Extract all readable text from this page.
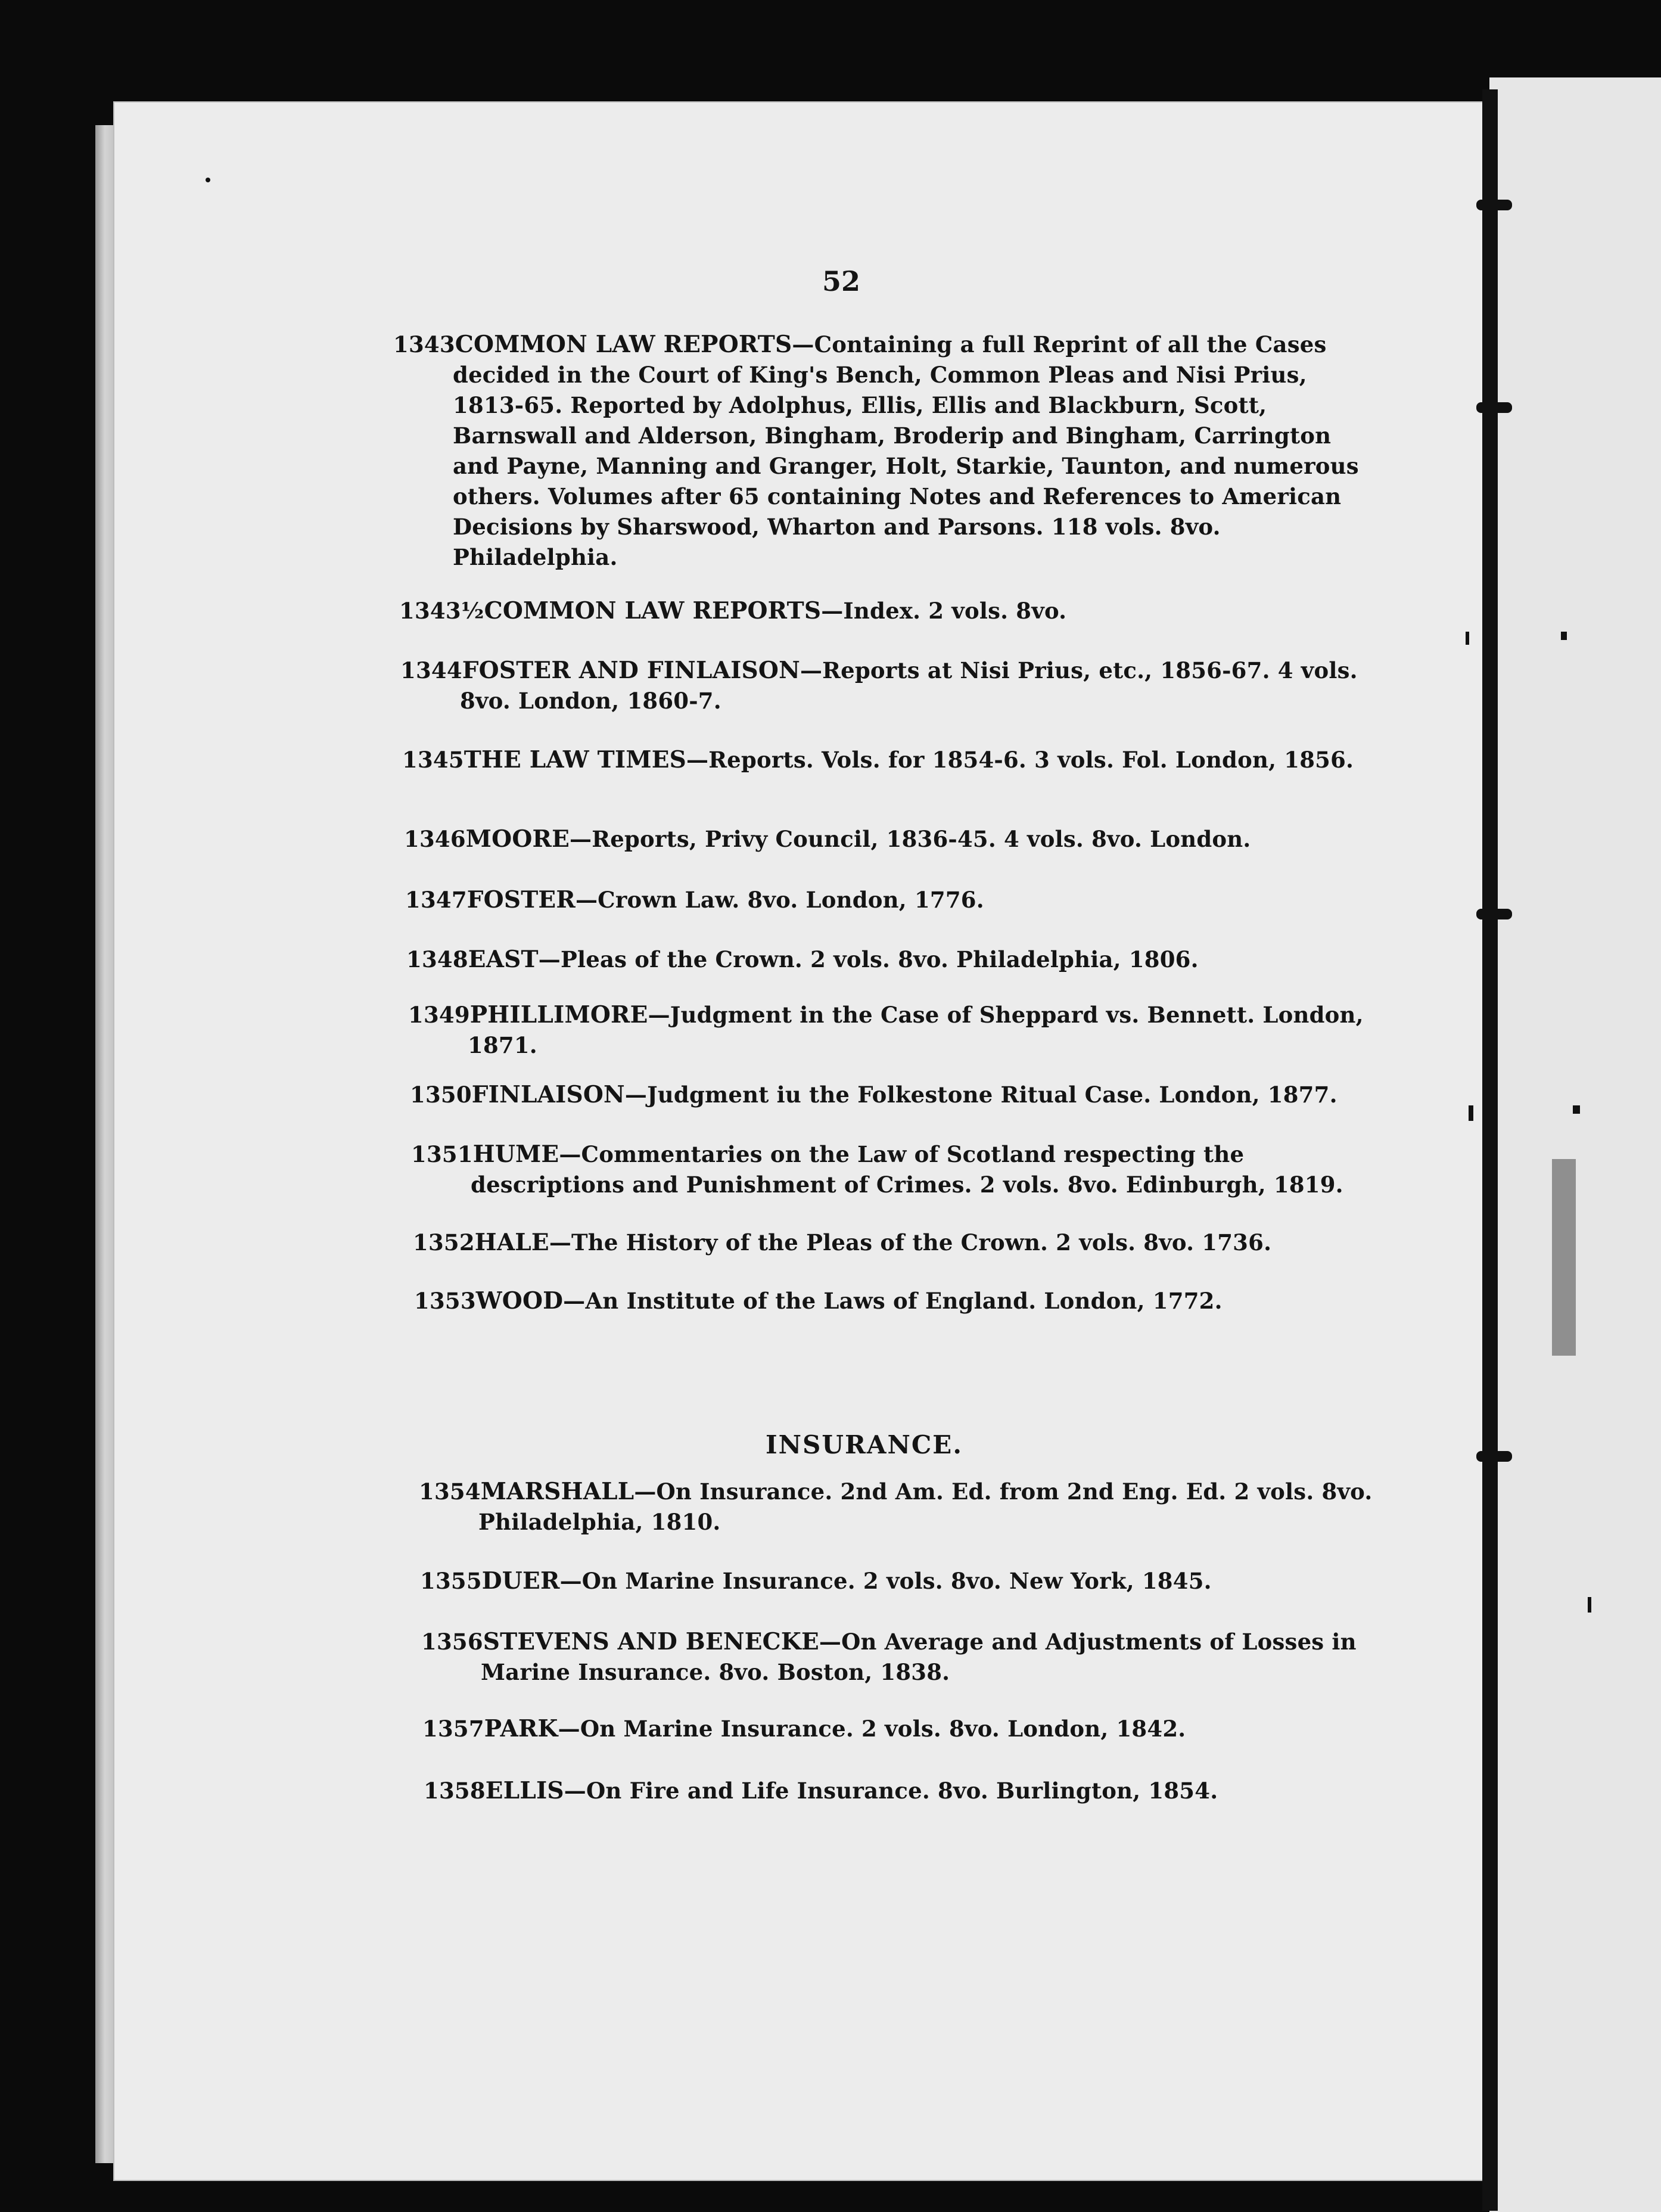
52
1343COMMON LAW REPORTS—Containing a full Reprint of all the Cases decided in the Court of King's Bench, Common Pleas and Nisi Prius, 1813-65. Reported by Adolphus, Ellis, Ellis and Blackburn, Scott, Barnswall and Alderson, Bingham, Broderip and Bingham, Carrington and Payne, Manning and Granger, Holt, Starkie, Taunton, and numerous others. Volumes after 65 containing Notes and References to American Decisions by Sharswood, Wharton and Parsons. 118 vols. 8vo. Philadelphia.
1343½COMMON LAW REPORTS—Index. 2 vols. 8vo.
1344FOSTER AND FINLAISON—Reports at Nisi Prius, etc., 1856-67. 4 vols. 8vo. London, 1860-7.
1345THE LAW TIMES—Reports. Vols. for 1854-6. 3 vols. Fol. London, 1856.
1346MOORE—Reports, Privy Council, 1836-45. 4 vols. 8vo. London.
1347FOSTER—Crown Law. 8vo. London, 1776.
1348EAST—Pleas of the Crown. 2 vols. 8vo. Philadelphia, 1806.
1349PHILLIMORE—Judgment in the Case of Sheppard vs. Bennett. London, 1871.
1350FINLAISON—Judgment iu the Folkestone Ritual Case. London, 1877.
1351HUME—Commentaries on the Law of Scotland respecting the descriptions and Punishment of Crimes. 2 vols. 8vo. Edinburgh, 1819.
1352HALE—The History of the Pleas of the Crown. 2 vols. 8vo. 1736.
1353WOOD—An Institute of the Laws of England. London, 1772.
INSURANCE.
1354MARSHALL—On Insurance. 2nd Am. Ed. from 2nd Eng. Ed. 2 vols. 8vo. Philadelphia, 1810.
1355DUER—On Marine Insurance. 2 vols. 8vo. New York, 1845.
1356STEVENS AND BENECKE—On Average and Adjustments of Losses in Marine Insurance. 8vo. Boston, 1838.
1357PARK—On Marine Insurance. 2 vols. 8vo. London, 1842.
1358ELLIS—On Fire and Life Insurance. 8vo. Burlington, 1854.
